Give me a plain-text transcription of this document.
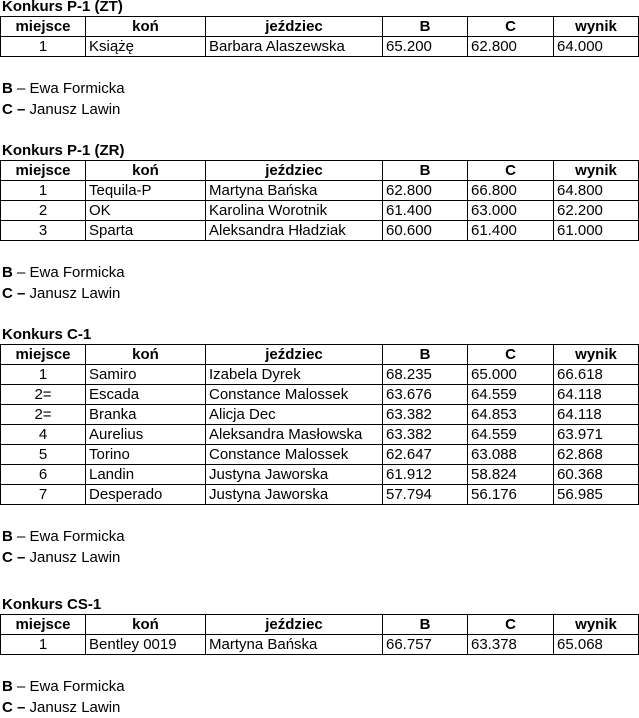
Konkurs P-1 (ZT)
miejsce	koń	jeździec	B	C	wynik
1	Książę	Barbara Alaszewska	65.200	62.800	64.000
B – Ewa Formicka
C – Janusz Lawin
Konkurs P-1 (ZR)
miejsce	koń	jeździec	B	C	wynik
1	Tequila-P	Martyna Bańska	62.800	66.800	64.800
2	OK	Karolina Worotnik	61.400	63.000	62.200
3	Sparta	Aleksandra Hładziak	60.600	61.400	61.000
B – Ewa Formicka
C – Janusz Lawin
Konkurs C-1
miejsce	koń	jeździec	B	C	wynik
1	Samiro	Izabela Dyrek	68.235	65.000	66.618
2=	Escada	Constance Malossek	63.676	64.559	64.118
2=	Branka	Alicja Dec	63.382	64.853	64.118
4	Aurelius	Aleksandra Masłowska	63.382	64.559	63.971
5	Torino	Constance Malossek	62.647	63.088	62.868
6	Landin	Justyna Jaworska	61.912	58.824	60.368
7	Desperado	Justyna Jaworska	57.794	56.176	56.985
B – Ewa Formicka
C – Janusz Lawin
Konkurs CS-1
miejsce	koń	jeździec	B	C	wynik
1	Bentley 0019	Martyna Bańska	66.757	63.378	65.068
B – Ewa Formicka
C – Janusz Lawin
